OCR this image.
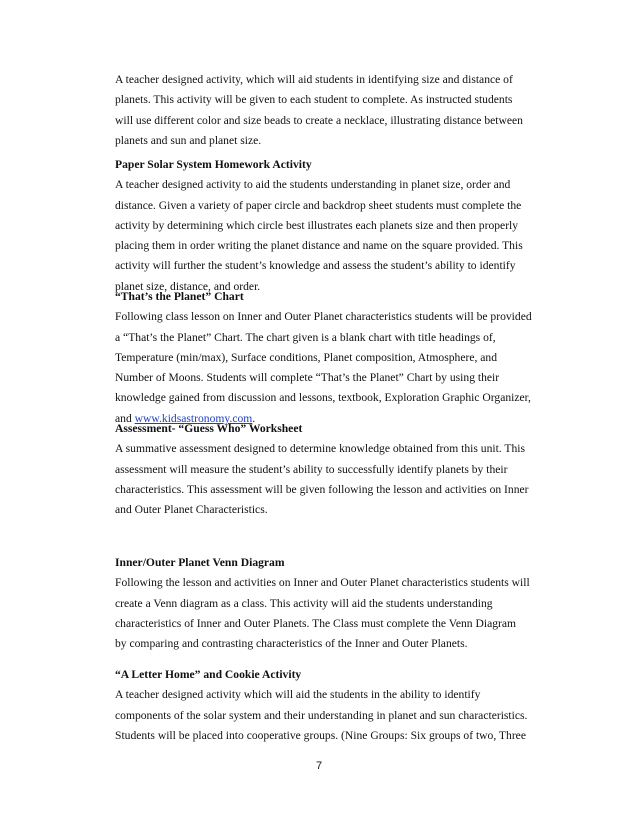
A teacher designed activity, which will aid students in identifying size and distance of
planets. This activity will be given to each student to complete. As instructed students
will use different color and size beads to create a necklace, illustrating distance between
planets and sun and planet size.
Paper Solar System Homework Activity
A teacher designed activity to aid the students understanding in planet size, order and
distance. Given a variety of paper circle and backdrop sheet students must complete the
activity by determining which circle best illustrates each planets size and then properly
placing them in order writing the planet distance and name on the square provided. This
activity will further the student’s knowledge and assess the student’s ability to identify
planet size, distance, and order.
“That’s the Planet” Chart
Following class lesson on Inner and Outer Planet characteristics students will be provided
a “That’s the Planet” Chart. The chart given is a blank chart with title headings of,
Temperature (min/max), Surface conditions, Planet composition, Atmosphere, and
Number of Moons. Students will complete “That’s the Planet” Chart by using their
knowledge gained from discussion and lessons, textbook, Exploration Graphic Organizer,
and www.kidsastronomy.com.
Assessment- “Guess Who” Worksheet
A summative assessment designed to determine knowledge obtained from this unit. This
assessment will measure the student’s ability to successfully identify planets by their
characteristics. This assessment will be given following the lesson and activities on Inner
and Outer Planet Characteristics.
Inner/Outer Planet Venn Diagram
Following the lesson and activities on Inner and Outer Planet characteristics students will
create a Venn diagram as a class. This activity will aid the students understanding
characteristics of Inner and Outer Planets. The Class must complete the Venn Diagram
by comparing and contrasting characteristics of the Inner and Outer Planets.
“A Letter Home” and Cookie Activity
A teacher designed activity which will aid the students in the ability to identify
components of the solar system and their understanding in planet and sun characteristics.
Students will be placed into cooperative groups. (Nine Groups: Six groups of two, Three
7
